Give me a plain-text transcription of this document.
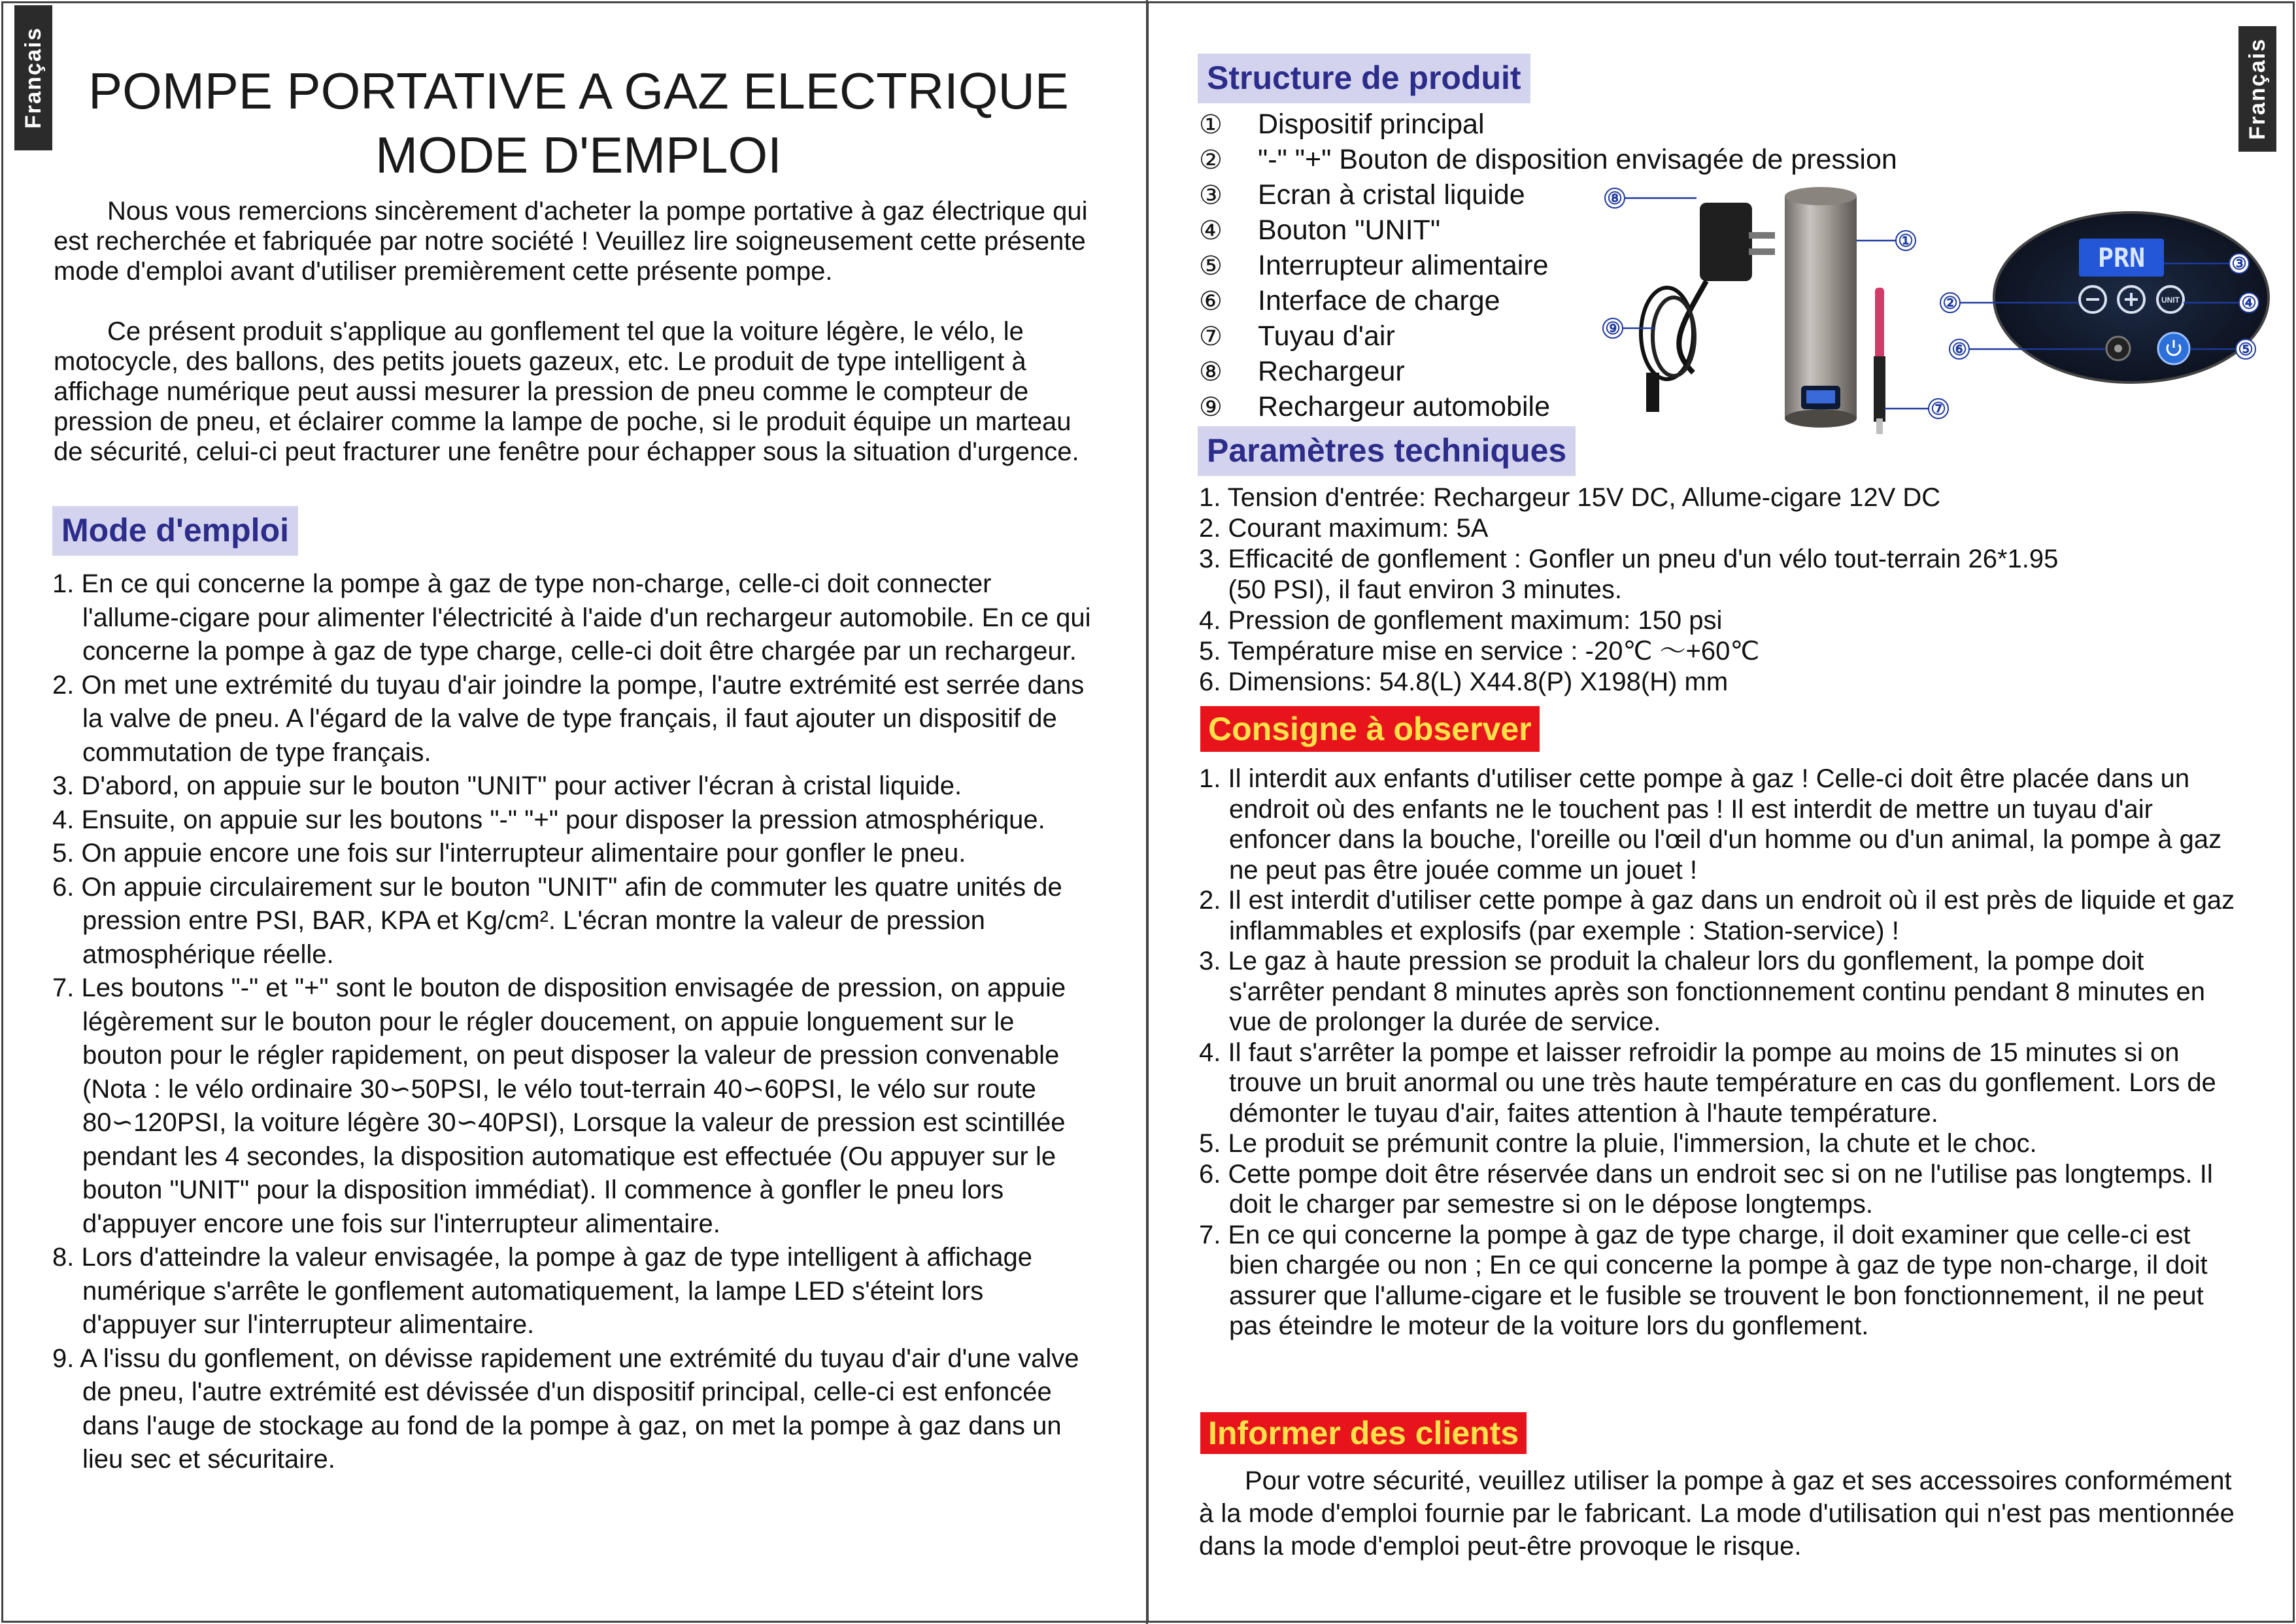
Français	Français
POMPE PORTATIVE A GAZ ELECTRIQUE
MODE D'EMPLOI

Nous vous remercions sincèrement d'acheter la pompe portative à gaz électrique qui est recherchée et fabriquée par notre société ! Veuillez lire soigneusement cette présente mode d'emploi avant d'utiliser premièrement cette présente pompe.

Ce présent produit s'applique au gonflement tel que la voiture légère, le vélo, le motocycle, des ballons, des petits jouets gazeux, etc. Le produit de type intelligent à affichage numérique peut aussi mesurer la pression de pneu comme le compteur de pression de pneu, et éclairer comme la lampe de poche, si le produit équipe un marteau de sécurité, celui-ci peut fracturer une fenêtre pour échapper sous la situation d'urgence.

Mode d'emploi
1. En ce qui concerne la pompe à gaz de type non-charge, celle-ci doit connecter l'allume-cigare pour alimenter l'électricité à l'aide d'un rechargeur automobile. En ce qui concerne la pompe à gaz de type charge, celle-ci doit être chargée par un rechargeur.
2. On met une extrémité du tuyau d'air joindre la pompe, l'autre extrémité est serrée dans la valve de pneu. A l'égard de la valve de type français, il faut ajouter un dispositif de commutation de type français.
3. D'abord, on appuie sur le bouton "UNIT" pour activer l'écran à cristal liquide.
4. Ensuite, on appuie sur les boutons "-" "+" pour disposer la pression atmosphérique.
5. On appuie encore une fois sur l'interrupteur alimentaire pour gonfler le pneu.
6. On appuie circulairement sur le bouton "UNIT" afin de commuter les quatre unités de pression entre PSI, BAR, KPA et Kg/cm². L'écran montre la valeur de pression atmosphérique réelle.
7. Les boutons "-" et "+" sont le bouton de disposition envisagée de pression, on appuie légèrement sur le bouton pour le régler doucement, on appuie longuement sur le bouton pour le régler rapidement, on peut disposer la valeur de pression convenable (Nota : le vélo ordinaire 30∽50PSI, le vélo tout-terrain 40∽60PSI, le vélo sur route 80∽120PSI, la voiture légère 30∽40PSI), Lorsque la valeur de pression est scintillée pendant les 4 secondes, la disposition automatique est effectuée (Ou appuyer sur le bouton "UNIT" pour la disposition immédiat). Il commence à gonfler le pneu lors d'appuyer encore une fois sur l'interrupteur alimentaire.
8. Lors d'atteindre la valeur envisagée, la pompe à gaz de type intelligent à affichage numérique s'arrête le gonflement automatiquement, la lampe LED s'éteint lors d'appuyer sur l'interrupteur alimentaire.
9. A l'issu du gonflement, on dévisse rapidement une extrémité du tuyau d'air d'une valve de pneu, l'autre extrémité est dévissée d'un dispositif principal, celle-ci est enfoncée dans l'auge de stockage au fond de la pompe à gaz, on met la pompe à gaz dans un lieu sec et sécuritaire.
Structure de produit
① Dispositif principal
② "-" "+" Bouton de disposition envisagée de pression
③ Ecran à cristal liquide
④ Bouton "UNIT"
⑤ Interrupteur alimentaire
⑥ Interface de charge
⑦ Tuyau d'air
⑧ Rechargeur
⑨ Rechargeur automobile
PRN
UNIT
⑧
①
⑨
⑦
③
②	④
⑥	⑤
Paramètres techniques
1. Tension d'entrée: Rechargeur 15V DC, Allume-cigare 12V DC
2. Courant maximum: 5A
3. Efficacité de gonflement : Gonfler un pneu d'un vélo tout-terrain 26*1.95
(50 PSI), il faut environ 3 minutes.
4. Pression de gonflement maximum: 150 psi
5. Température mise en service : -20℃ ～+60℃
6. Dimensions: 54.8(L) X44.8(P) X198(H) mm
Consigne à observer
1. Il interdit aux enfants d'utiliser cette pompe à gaz ! Celle-ci doit être placée dans un endroit où des enfants ne le touchent pas ! Il est interdit de mettre un tuyau d'air enfoncer dans la bouche, l'oreille ou l'œil d'un homme ou d'un animal, la pompe à gaz ne peut pas être jouée comme un jouet !
2. Il est interdit d'utiliser cette pompe à gaz dans un endroit où il est près de liquide et gaz inflammables et explosifs (par exemple : Station-service) !
3. Le gaz à haute pression se produit la chaleur lors du gonflement, la pompe doit s'arrêter pendant 8 minutes après son fonctionnement continu pendant 8 minutes en vue de prolonger la durée de service.
4. Il faut s'arrêter la pompe et laisser refroidir la pompe au moins de 15 minutes si on trouve un bruit anormal ou une très haute température en cas du gonflement. Lors de démonter le tuyau d'air, faites attention à l'haute température.
5. Le produit se prémunit contre la pluie, l'immersion, la chute et le choc.
6. Cette pompe doit être réservée dans un endroit sec si on ne l'utilise pas longtemps. Il doit le charger par semestre si on le dépose longtemps.
7. En ce qui concerne la pompe à gaz de type charge, il doit examiner que celle-ci est bien chargée ou non ; En ce qui concerne la pompe à gaz de type non-charge, il doit assurer que l'allume-cigare et le fusible se trouvent le bon fonctionnement, il ne peut pas éteindre le moteur de la voiture lors du gonflement.
Informer des clients

Pour votre sécurité, veuillez utiliser la pompe à gaz et ses accessoires conformément à la mode d'emploi fournie par le fabricant. La mode d'utilisation qui n'est pas mentionnée dans la mode d'emploi peut-être provoque le risque.
